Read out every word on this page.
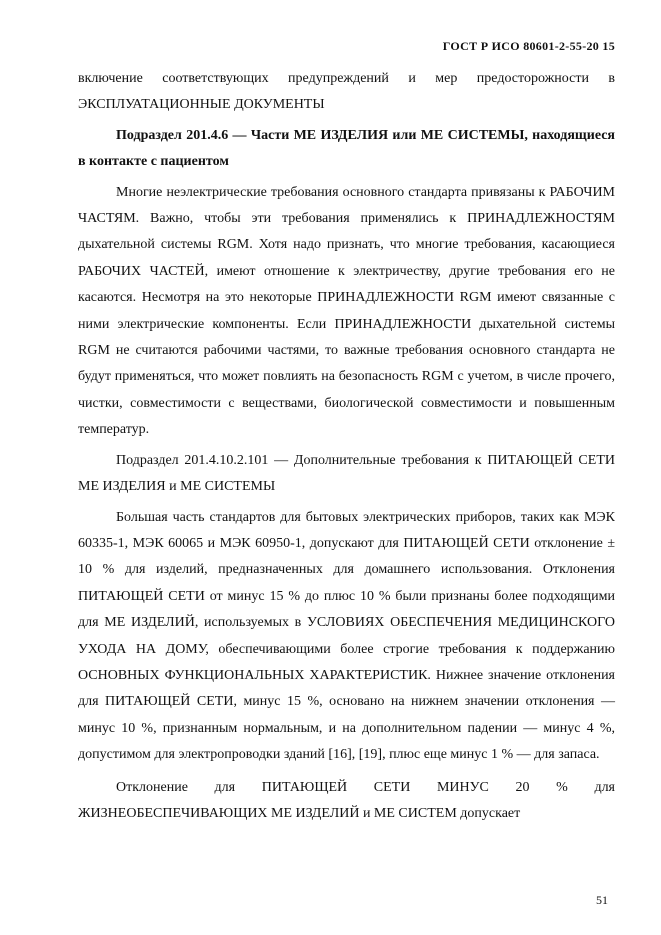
ГОСТ Р ИСО 80601-2-55-20 15

включение соответствующих предупреждений и мер предосторожности в ЭКСПЛУАТАЦИОННЫЕ ДОКУМЕНТЫ

Подраздел 201.4.6 — Части МЕ ИЗДЕЛИЯ или МЕ СИСТЕМЫ, находящиеся в контакте с пациентом

Многие неэлектрические требования основного стандарта привязаны к РАБОЧИМ ЧАСТЯМ. Важно, чтобы эти требования применялись к ПРИНАДЛЕЖНОСТЯМ дыхательной системы RGM. Хотя надо признать, что многие требования, касающиеся РАБОЧИХ ЧАСТЕЙ, имеют отношение к электричеству, другие требования его не касаются. Несмотря на это некоторые ПРИНАДЛЕЖНОСТИ RGM имеют связанные с ними электрические компоненты. Если ПРИНАДЛЕЖНОСТИ дыхательной системы RGM не считаются рабочими частями, то важные требования основного стандарта не будут применяться, что может повлиять на безопасность RGM с учетом, в числе прочего, чистки, совместимости с веществами, биологической совместимости и повышенным температур.

Подраздел 201.4.10.2.101 — Дополнительные требования к ПИТАЮЩЕЙ СЕТИ МЕ ИЗДЕЛИЯ и МЕ СИСТЕМЫ

Большая часть стандартов для бытовых электрических приборов, таких как МЭК 60335-1, МЭК 60065 и МЭК 60950-1, допускают для ПИТАЮЩЕЙ СЕТИ отклонение ± 10 % для изделий, предназначенных для домашнего использования. Отклонения ПИТАЮЩЕЙ СЕТИ от минус 15 % до плюс 10 % были признаны более подходящими для МЕ ИЗДЕЛИЙ, используемых в УСЛОВИЯХ ОБЕСПЕЧЕНИЯ МЕДИЦИНСКОГО УХОДА НА ДОМУ, обеспечивающими более строгие требования к поддержанию ОСНОВНЫХ ФУНКЦИОНАЛЬНЫХ ХАРАКТЕРИСТИК. Нижнее значение отклонения для ПИТАЮЩЕЙ СЕТИ, минус 15 %, основано на нижнем значении отклонения — минус 10 %, признанным нормальным, и на дополнительном падении — минус 4 %, допустимом для электропроводки зданий [16], [19], плюс еще минус 1 % — для запаса.

Отклонение для ПИТАЮЩЕЙ СЕТИ МИНУС 20 % для ЖИЗНЕОБЕСПЕЧИВАЮЩИХ МЕ ИЗДЕЛИЙ и МЕ СИСТЕМ допускает

51
